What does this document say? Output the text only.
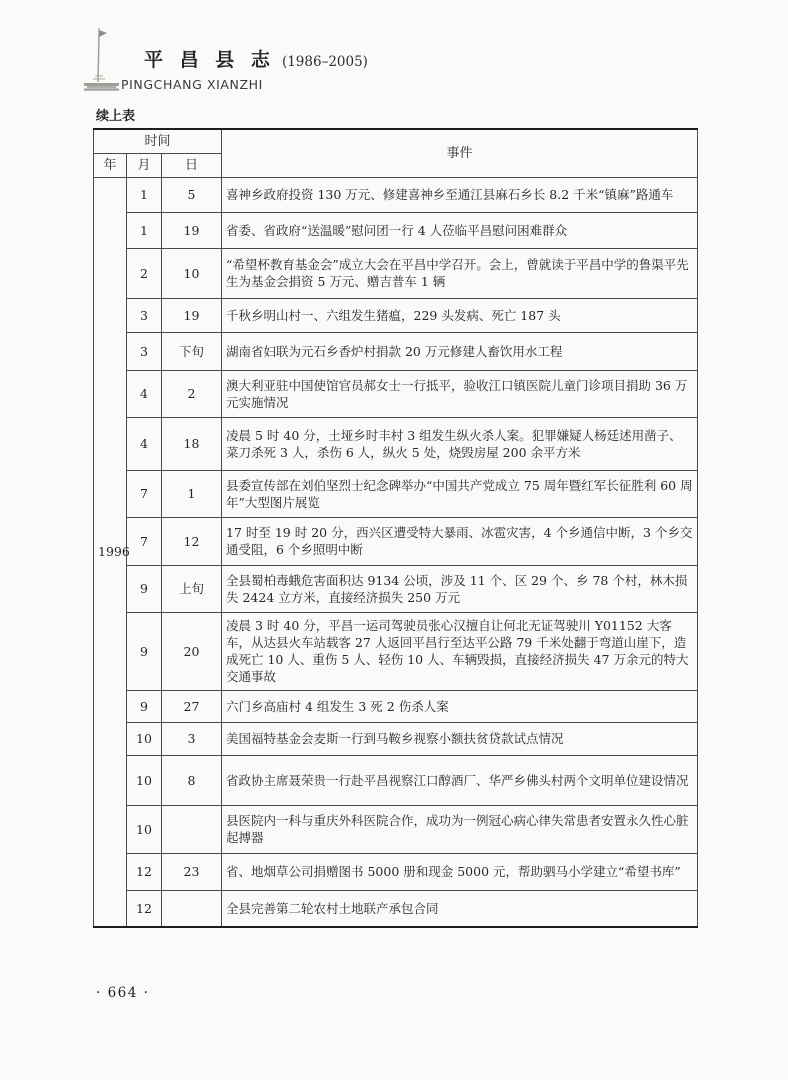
平 昌 县 志 (1986–2005)
PINGCHANG XIANZHI
续上表
时间			事件
年	月	日	
1996	1	5	喜神乡政府投资 130 万元、修建喜神乡至通江县麻石乡长 8.2 千米“镇麻”路通车
	1	19	省委、省政府“送温暖”慰问团一行 4 人莅临平昌慰问困难群众
	2	10	“希望杯教育基金会”成立大会在平昌中学召开。会上，曾就读于平昌中学的鲁渠平先生为基金会捐资 5 万元、赠吉普车 1 辆
	3	19	千秋乡明山村一、六组发生猪瘟，229 头发病、死亡 187 头
	3	下旬	湖南省妇联为元石乡香炉村捐款 20 万元修建人畜饮用水工程
	4	2	澳大利亚驻中国使馆官员郝女士一行抵平，验收江口镇医院儿童门诊项目捐助 36 万元实施情况
	4	18	凌晨 5 时 40 分，土垭乡时丰村 3 组发生纵火杀人案。犯罪嫌疑人杨廷述用凿子、菜刀杀死 3 人，杀伤 6 人，纵火 5 处，烧毁房屋 200 余平方米
	7	1	县委宣传部在刘伯坚烈士纪念碑举办“中国共产党成立 75 周年暨红军长征胜利 60 周年”大型图片展览
	7	12	17 时至 19 时 20 分，西兴区遭受特大暴雨、冰雹灾害，4 个乡通信中断，3 个乡交通受阻，6 个乡照明中断
	9	上旬	全县蜀柏毒蛾危害面积达 9134 公顷，涉及 11 个、区 29 个、乡 78 个村，林木损失 2424 立方米，直接经济损失 250 万元
	9	20	凌晨 3 时 40 分，平昌一运司驾驶员张心汉擅自让何北无证驾驶川 Y01152 大客车，从达县火车站载客 27 人返回平昌行至达平公路 79 千米处翻于弯道山崖下，造成死亡 10 人、重伤 5 人、轻伤 10 人、车辆毁损，直接经济损失 47 万余元的特大交通事故
	9	27	六门乡高庙村 4 组发生 3 死 2 伤杀人案
	10	3	美国福特基金会麦斯一行到马鞍乡视察小额扶贫贷款试点情况
	10	8	省政协主席聂荣贵一行赴平昌视察江口醇酒厂、华严乡佛头村两个文明单位建设情况
	10		县医院内一科与重庆外科医院合作，成功为一例冠心病心律失常患者安置永久性心脏起搏器
	12	23	省、地烟草公司捐赠图书 5000 册和现金 5000 元，帮助驷马小学建立“希望书库”
	12		全县完善第二轮农村土地联产承包合同
· 664 ·
